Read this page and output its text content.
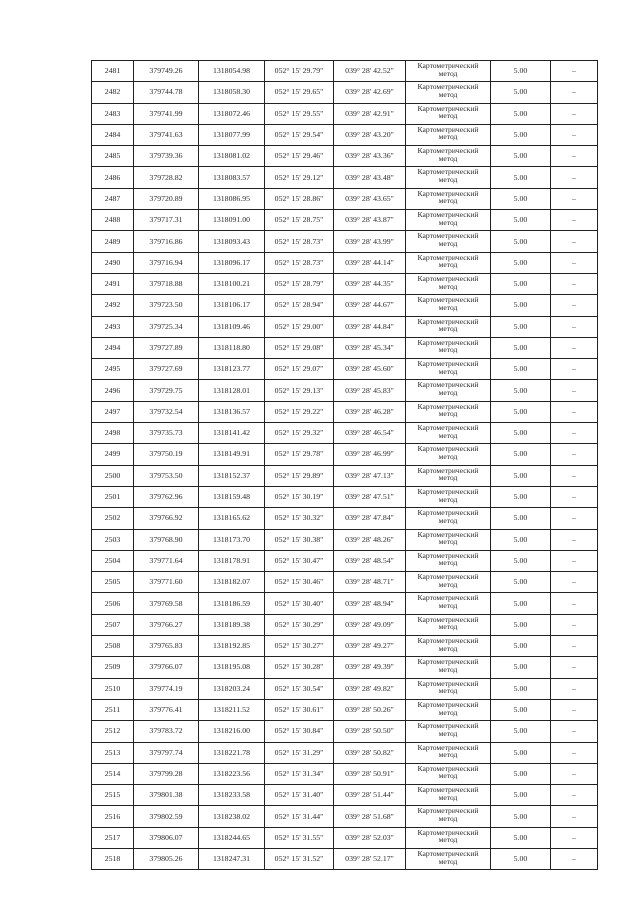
2481	379749.26	1318054.98	052° 15' 29.79"	039° 28' 42.52"	Картометрический метод	5.00	–
2482	379744.78	1318058.30	052° 15' 29.65"	039° 28' 42.69"	Картометрический метод	5.00	–
2483	379741.99	1318072.46	052° 15' 29.55"	039° 28' 42.91"	Картометрический метод	5.00	–
2484	379741.63	1318077.99	052° 15' 29.54"	039° 28' 43.20"	Картометрический метод	5.00	–
2485	379739.36	1318081.02	052° 15' 29.46"	039° 28' 43.36"	Картометрический метод	5.00	–
2486	379728.82	1318083.57	052° 15' 29.12"	039° 28' 43.48"	Картометрический метод	5.00	–
2487	379720.89	1318086.95	052° 15' 28.86"	039° 28' 43.65"	Картометрический метод	5.00	–
2488	379717.31	1318091.00	052° 15' 28.75"	039° 28' 43.87"	Картометрический метод	5.00	–
2489	379716.86	1318093.43	052° 15' 28.73"	039° 28' 43.99"	Картометрический метод	5.00	–
2490	379716.94	1318096.17	052° 15' 28.73"	039° 28' 44.14"	Картометрический метод	5.00	–
2491	379718.88	1318100.21	052° 15' 28.79"	039° 28' 44.35"	Картометрический метод	5.00	–
2492	379723.50	1318106.17	052° 15' 28.94"	039° 28' 44.67"	Картометрический метод	5.00	–
2493	379725.34	1318109.46	052° 15' 29.00"	039° 28' 44.84"	Картометрический метод	5.00	–
2494	379727.89	1318118.80	052° 15' 29.08"	039° 28' 45.34"	Картометрический метод	5.00	–
2495	379727.69	1318123.77	052° 15' 29.07"	039° 28' 45.60"	Картометрический метод	5.00	–
2496	379729.75	1318128.01	052° 15' 29.13"	039° 28' 45.83"	Картометрический метод	5.00	–
2497	379732.54	1318136.57	052° 15' 29.22"	039° 28' 46.28"	Картометрический метод	5.00	–
2498	379735.73	1318141.42	052° 15' 29.32"	039° 28' 46.54"	Картометрический метод	5.00	–
2499	379750.19	1318149.91	052° 15' 29.78"	039° 28' 46.99"	Картометрический метод	5.00	–
2500	379753.50	1318152.37	052° 15' 29.89"	039° 28' 47.13"	Картометрический метод	5.00	–
2501	379762.96	1318159.48	052° 15' 30.19"	039° 28' 47.51"	Картометрический метод	5.00	–
2502	379766.92	1318165.62	052° 15' 30.32"	039° 28' 47.84"	Картометрический метод	5.00	–
2503	379768.90	1318173.70	052° 15' 30.38"	039° 28' 48.26"	Картометрический метод	5.00	–
2504	379771.64	1318178.91	052° 15' 30.47"	039° 28' 48.54"	Картометрический метод	5.00	–
2505	379771.60	1318182.07	052° 15' 30.46"	039° 28' 48.71"	Картометрический метод	5.00	–
2506	379769.58	1318186.59	052° 15' 30.40"	039° 28' 48.94"	Картометрический метод	5.00	–
2507	379766.27	1318189.38	052° 15' 30.29"	039° 28' 49.09"	Картометрический метод	5.00	–
2508	379765.83	1318192.85	052° 15' 30.27"	039° 28' 49.27"	Картометрический метод	5.00	–
2509	379766.07	1318195.08	052° 15' 30.28"	039° 28' 49.39"	Картометрический метод	5.00	–
2510	379774.19	1318203.24	052° 15' 30.54"	039° 28' 49.82"	Картометрический метод	5.00	–
2511	379776.41	1318211.52	052° 15' 30.61"	039° 28' 50.26"	Картометрический метод	5.00	–
2512	379783.72	1318216.00	052° 15' 30.84"	039° 28' 50.50"	Картометрический метод	5.00	–
2513	379797.74	1318221.78	052° 15' 31.29"	039° 28' 50.82"	Картометрический метод	5.00	–
2514	379799.28	1318223.56	052° 15' 31.34"	039° 28' 50.91"	Картометрический метод	5.00	–
2515	379801.38	1318233.58	052° 15' 31.40"	039° 28' 51.44"	Картометрический метод	5.00	–
2516	379802.59	1318238.02	052° 15' 31.44"	039° 28' 51.68"	Картометрический метод	5.00	–
2517	379806.07	1318244.65	052° 15' 31.55"	039° 28' 52.03"	Картометрический метод	5.00	–
2518	379805.26	1318247.31	052° 15' 31.52"	039° 28' 52.17"	Картометрический метод	5.00	–
